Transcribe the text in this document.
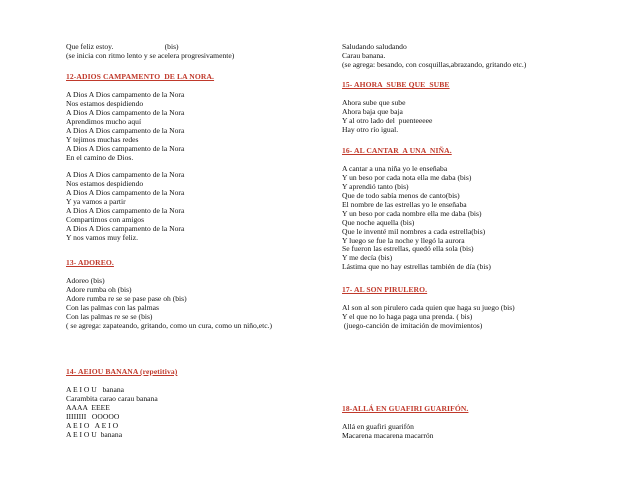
Que feliz estoy.                           (bis)
(se inicia con ritmo lento y se acelera progresivamente)
12-ADIOS CAMPAMENTO  DE LA NORA.
A Dios A Dios campamento de la Nora
Nos estamos despidiendo
A Dios A Dios campamento de la Nora
Aprendimos mucho aquí
A Dios A Dios campamento de la Nora
Y tejimos muchas redes
A Dios A Dios campamento de la Nora
En el camino de Dios.
A Dios A Dios campamento de la Nora
Nos estamos despidiendo
A Dios A Dios campamento de la Nora
Y ya vamos a partir
A Dios A Dios campamento de la Nora
Compartimos con amigos
A Dios A Dios campamento de la Nora
Y nos vamos muy feliz.
13- ADOREO.
Adoreo (bis)
Adore rumba oh (bis)
Adore rumba re se se pase pase oh (bis)
Con las palmas con las palmas
Con las palmas re se se (bis)
( se agrega: zapateando, gritando, como un cura, como un niño,etc.)
14- AEIOU BANANA (repetitiva)
A E I O U   banana
Carambita carao carau banana
AAAA  EEEE
IIIIIIII   OOOOO
A E I O   A E I O
A E I O U  banana
Saludando saludando
Carau banana.
(se agrega: besando, con cosquillas,abrazando, gritando etc.)
15- AHORA  SUBE QUE  SUBE
Ahora sube que sube
Ahora baja que baja
Y al otro lado del  puenteeeee
Hay otro río igual.
16- AL CANTAR  A UNA  NIÑA.
A cantar a una niña yo le enseñaba
Y un beso por cada nota ella me daba (bis)
Y aprendió tanto (bis)
Que de todo sabía menos de canto(bis)
El nombre de las estrellas yo le enseñaba
Y un beso por cada nombre ella me daba (bis)
Que noche aquella (bis)
Que le inventé mil nombres a cada estrella(bis)
Y luego se fue la noche y llegó la aurora
Se fueron las estrellas, quedó ella sola (bis)
Y me decía (bis)
Lástima que no hay estrellas también de día (bis)
17- AL SON PIRULERO.
Al son al son pirulero cada quien que haga su juego (bis)
Y el que no lo haga paga una prenda. ( bis)
(juego-canción de imitación de movimientos)
18-ALLÁ EN GUAFIRI GUARIFÓN.
Allá en guafiri guarifón
Macarena macarena macarrón
